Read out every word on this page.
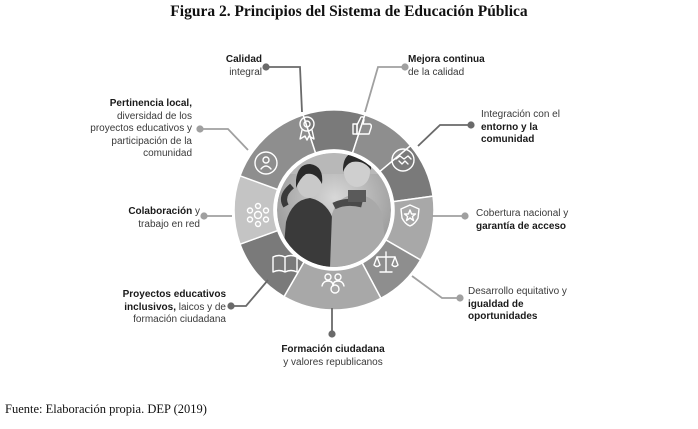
Figura 2. Principios del Sistema de Educación Pública
Calidad
integral
Mejora continua
de la calidad
Integración con el entorno y la comunidad
Cobertura nacional y garantía de acceso
Desarrollo equitativo y igualdad de oportunidades
Formación ciudadana y valores republicanos
Proyectos educativos inclusivos, laicos y de formación ciudadana
Colaboración y trabajo en red
Pertinencia local, diversidad de los proyectos educativos y participación de la comunidad
Fuente: Elaboración propia. DEP (2019)
